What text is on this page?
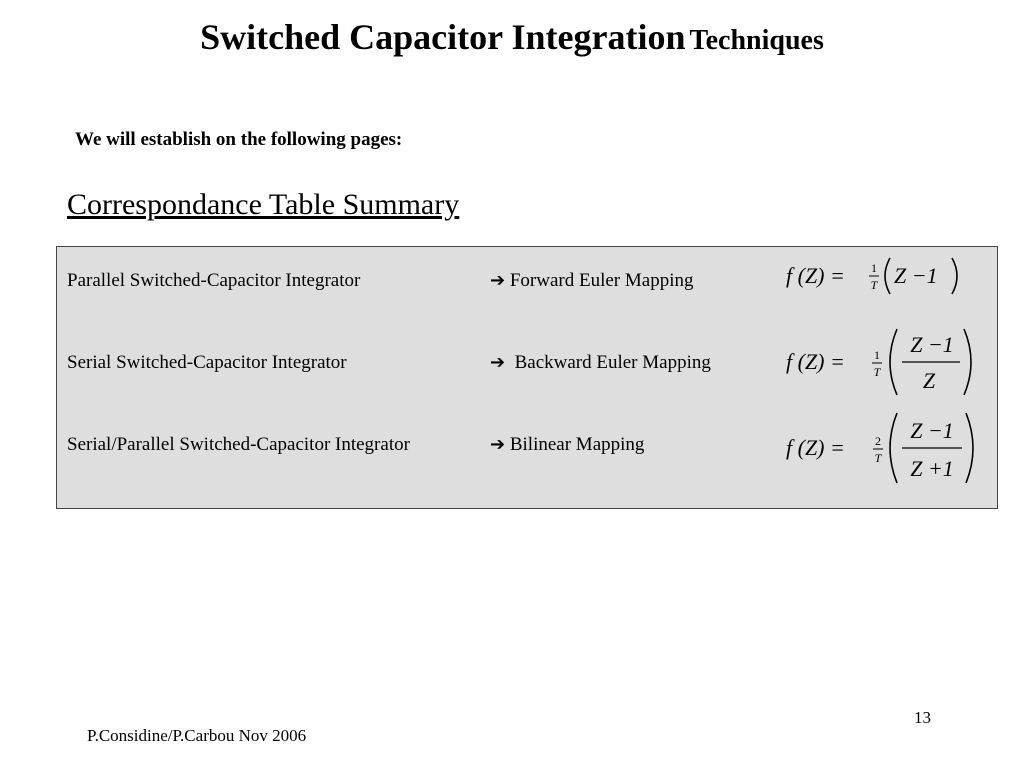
Switched Capacitor Integration Techniques
We will establish on the following pages:
Correspondance Table Summary
Parallel Switched-Capacitor Integrator	➔ Forward Euler Mapping	f (Z) = 1
T Z −1
Serial Switched-Capacitor Integrator	➔ Backward Euler Mapping	f (Z) = 1
T
Z −1
Z
Serial/Parallel Switched-Capacitor Integrator	➔ Bilinear Mapping	f (Z) =	2
T
Z −1
Z +1
13
P.Considine/P.Carbou Nov 2006
